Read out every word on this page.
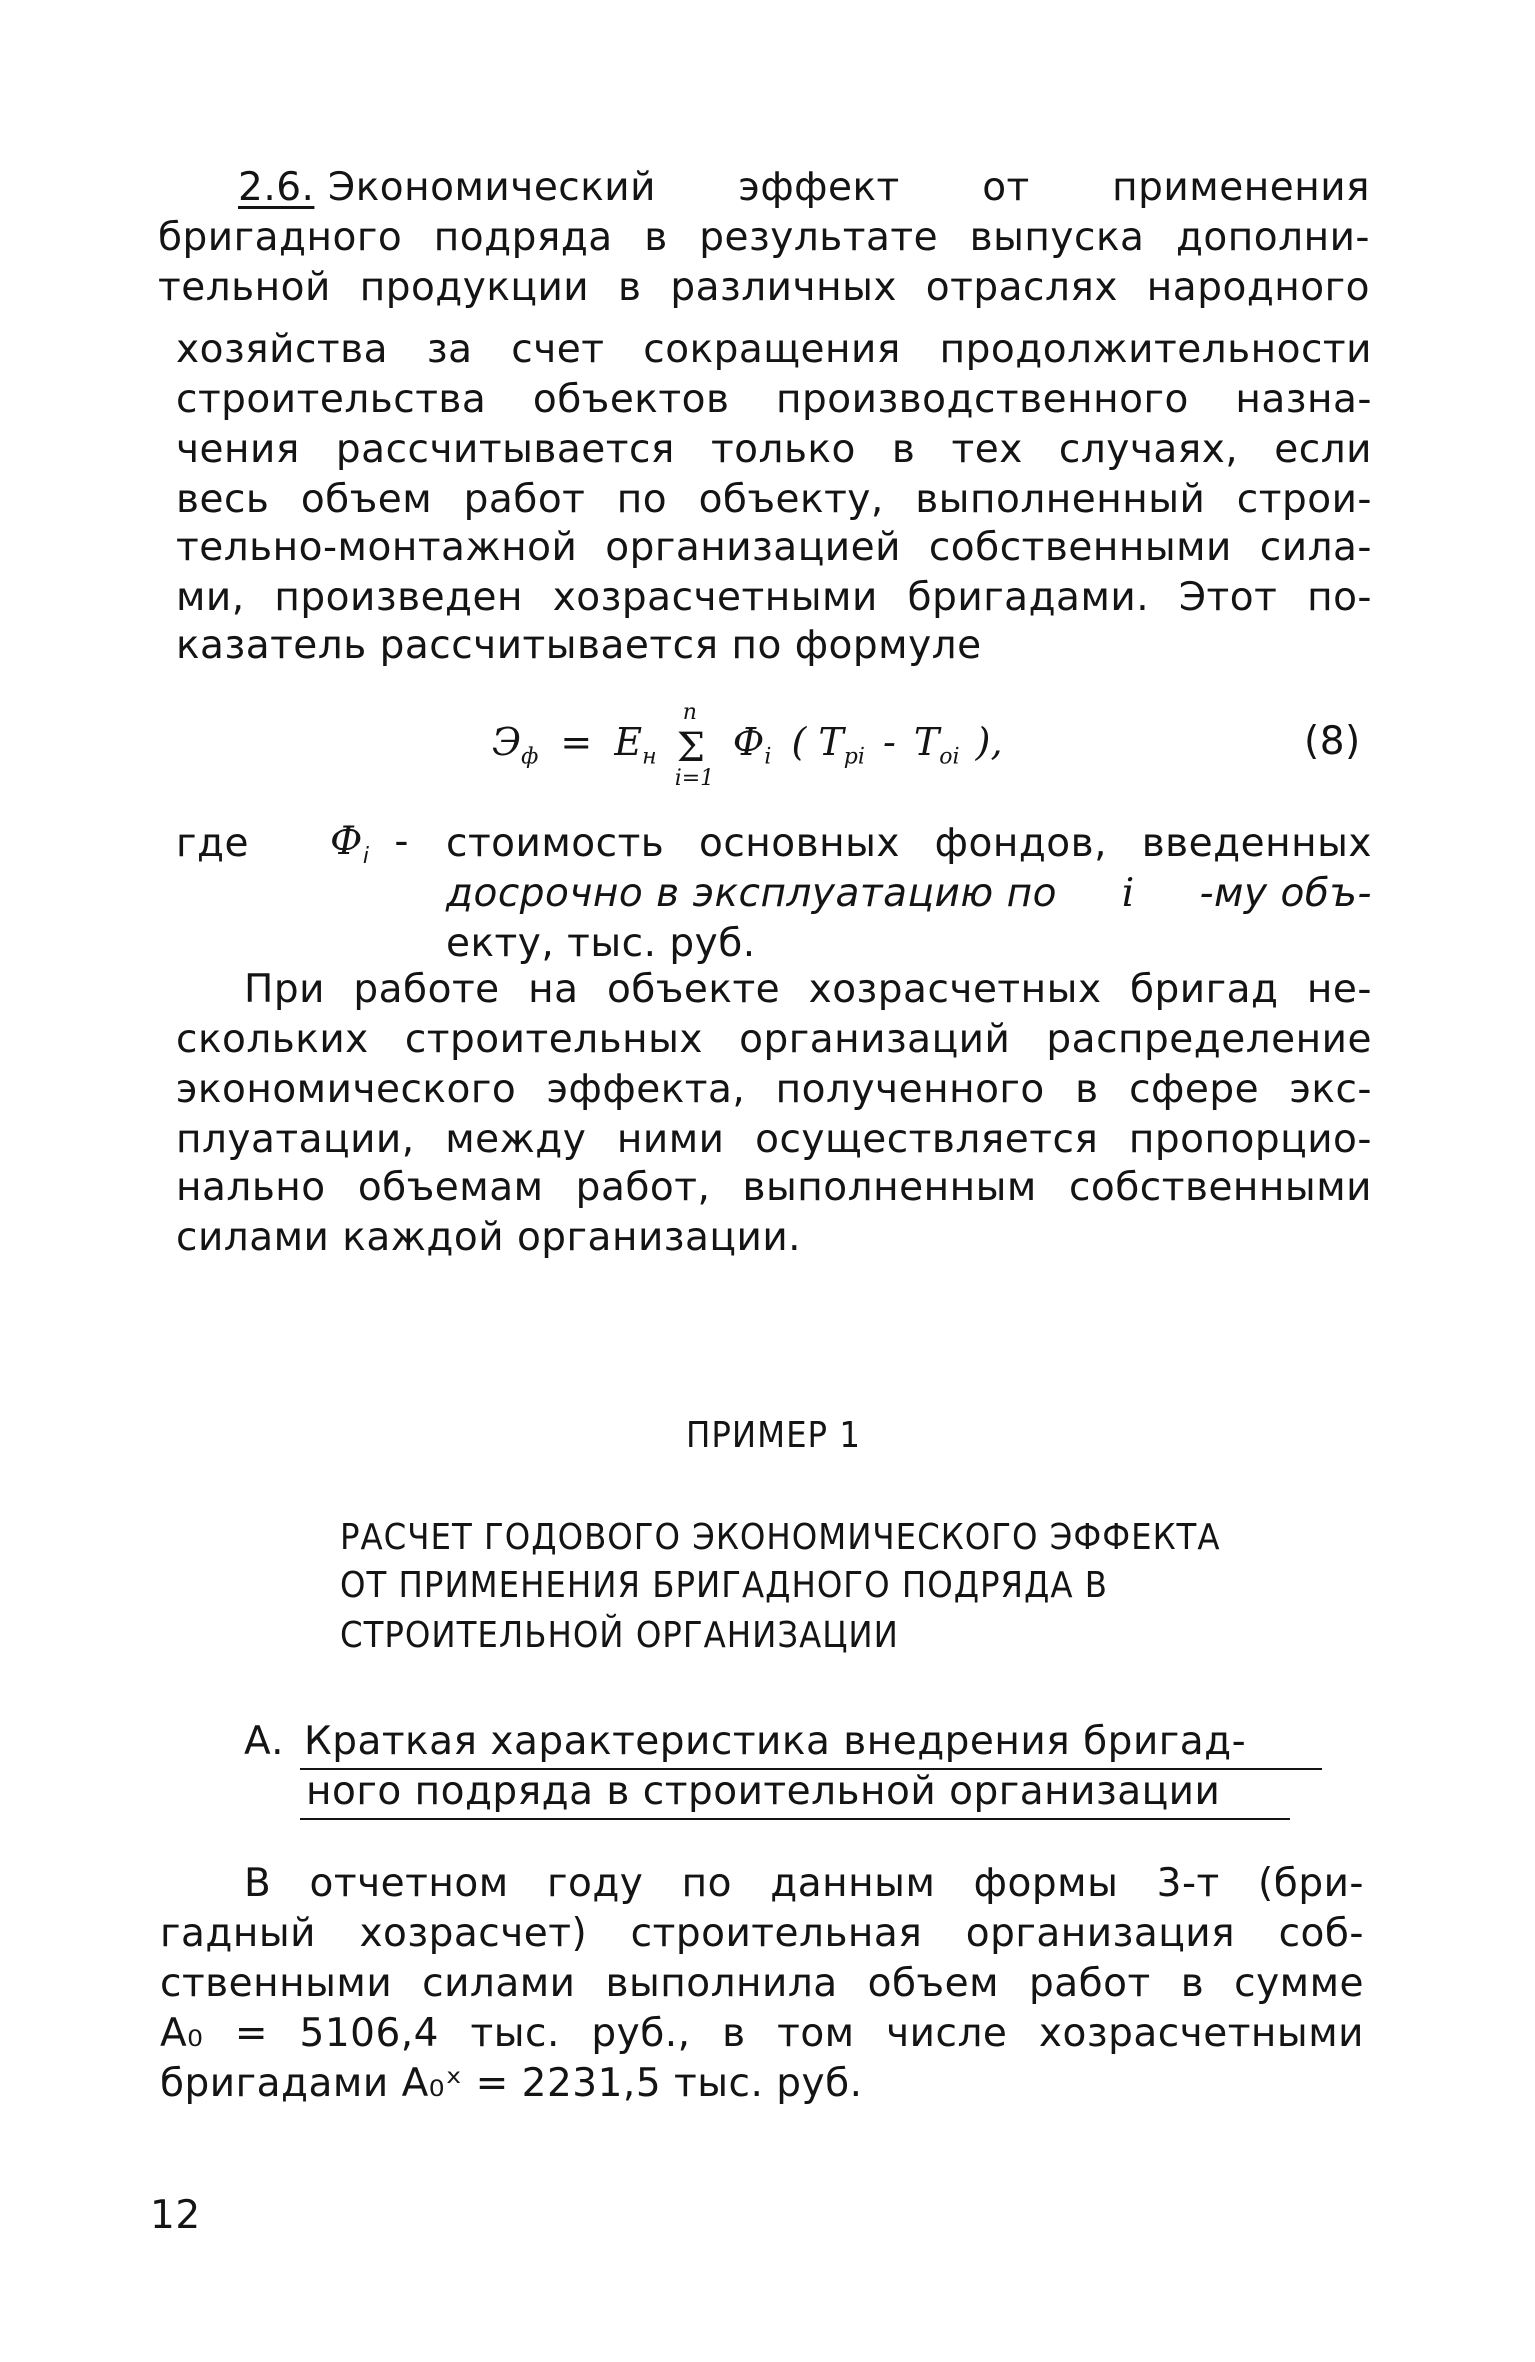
2.6. Экономический эффект от применения
бригадного подряда в результате выпуска дополни-
тельной продукции в различных отраслях народного
хозяйства за счет сокращения продолжительности
строительства объектов производственного назна-
чения рассчитывается только в тех случаях, если
весь объем работ по объекту, выполненный строи-
тельно-монтажной организацией собственными сила-
ми, произведен хозрасчетными бригадами. Этот по-
казатель рассчитывается по формуле
$Э_ф = Е_н$
n
Σ
i=1
$Ф_i$ ( $T_{pi} - T_{oi}$ ),	(8)
где $Ф_i$ - стоимость основных фондов, введенных
досрочно в эксплуатацию по i -му объ-
екту, тыс. руб.
При работе на объекте хозрасчетных бригад не-
скольких строительных организаций распределение
экономического эффекта, полученного в сфере экс-
плуатации, между ними осуществляется пропорцио-
нально объемам работ, выполненным собственными
силами каждой организации.
ПРИМЕР 1
РАСЧЕТ ГОДОВОГО ЭКОНОМИЧЕСКОГО ЭФФЕКТА
ОТ ПРИМЕНЕНИЯ БРИГАДНОГО ПОДРЯДА В
СТРОИТЕЛЬНОЙ ОРГАНИЗАЦИИ
А. Краткая характеристика внедрения бригад-
ного подряда в строительной организации
В отчетном году по данным формы 3-т (бри-
гадный хозрасчет) строительная организация соб-
ственными силами выполнила объем работ в сумме
А₀ = 5106,4 тыс. руб., в том числе хозрасчетными
бригадами А₀ˣ = 2231,5 тыс. руб.
12
